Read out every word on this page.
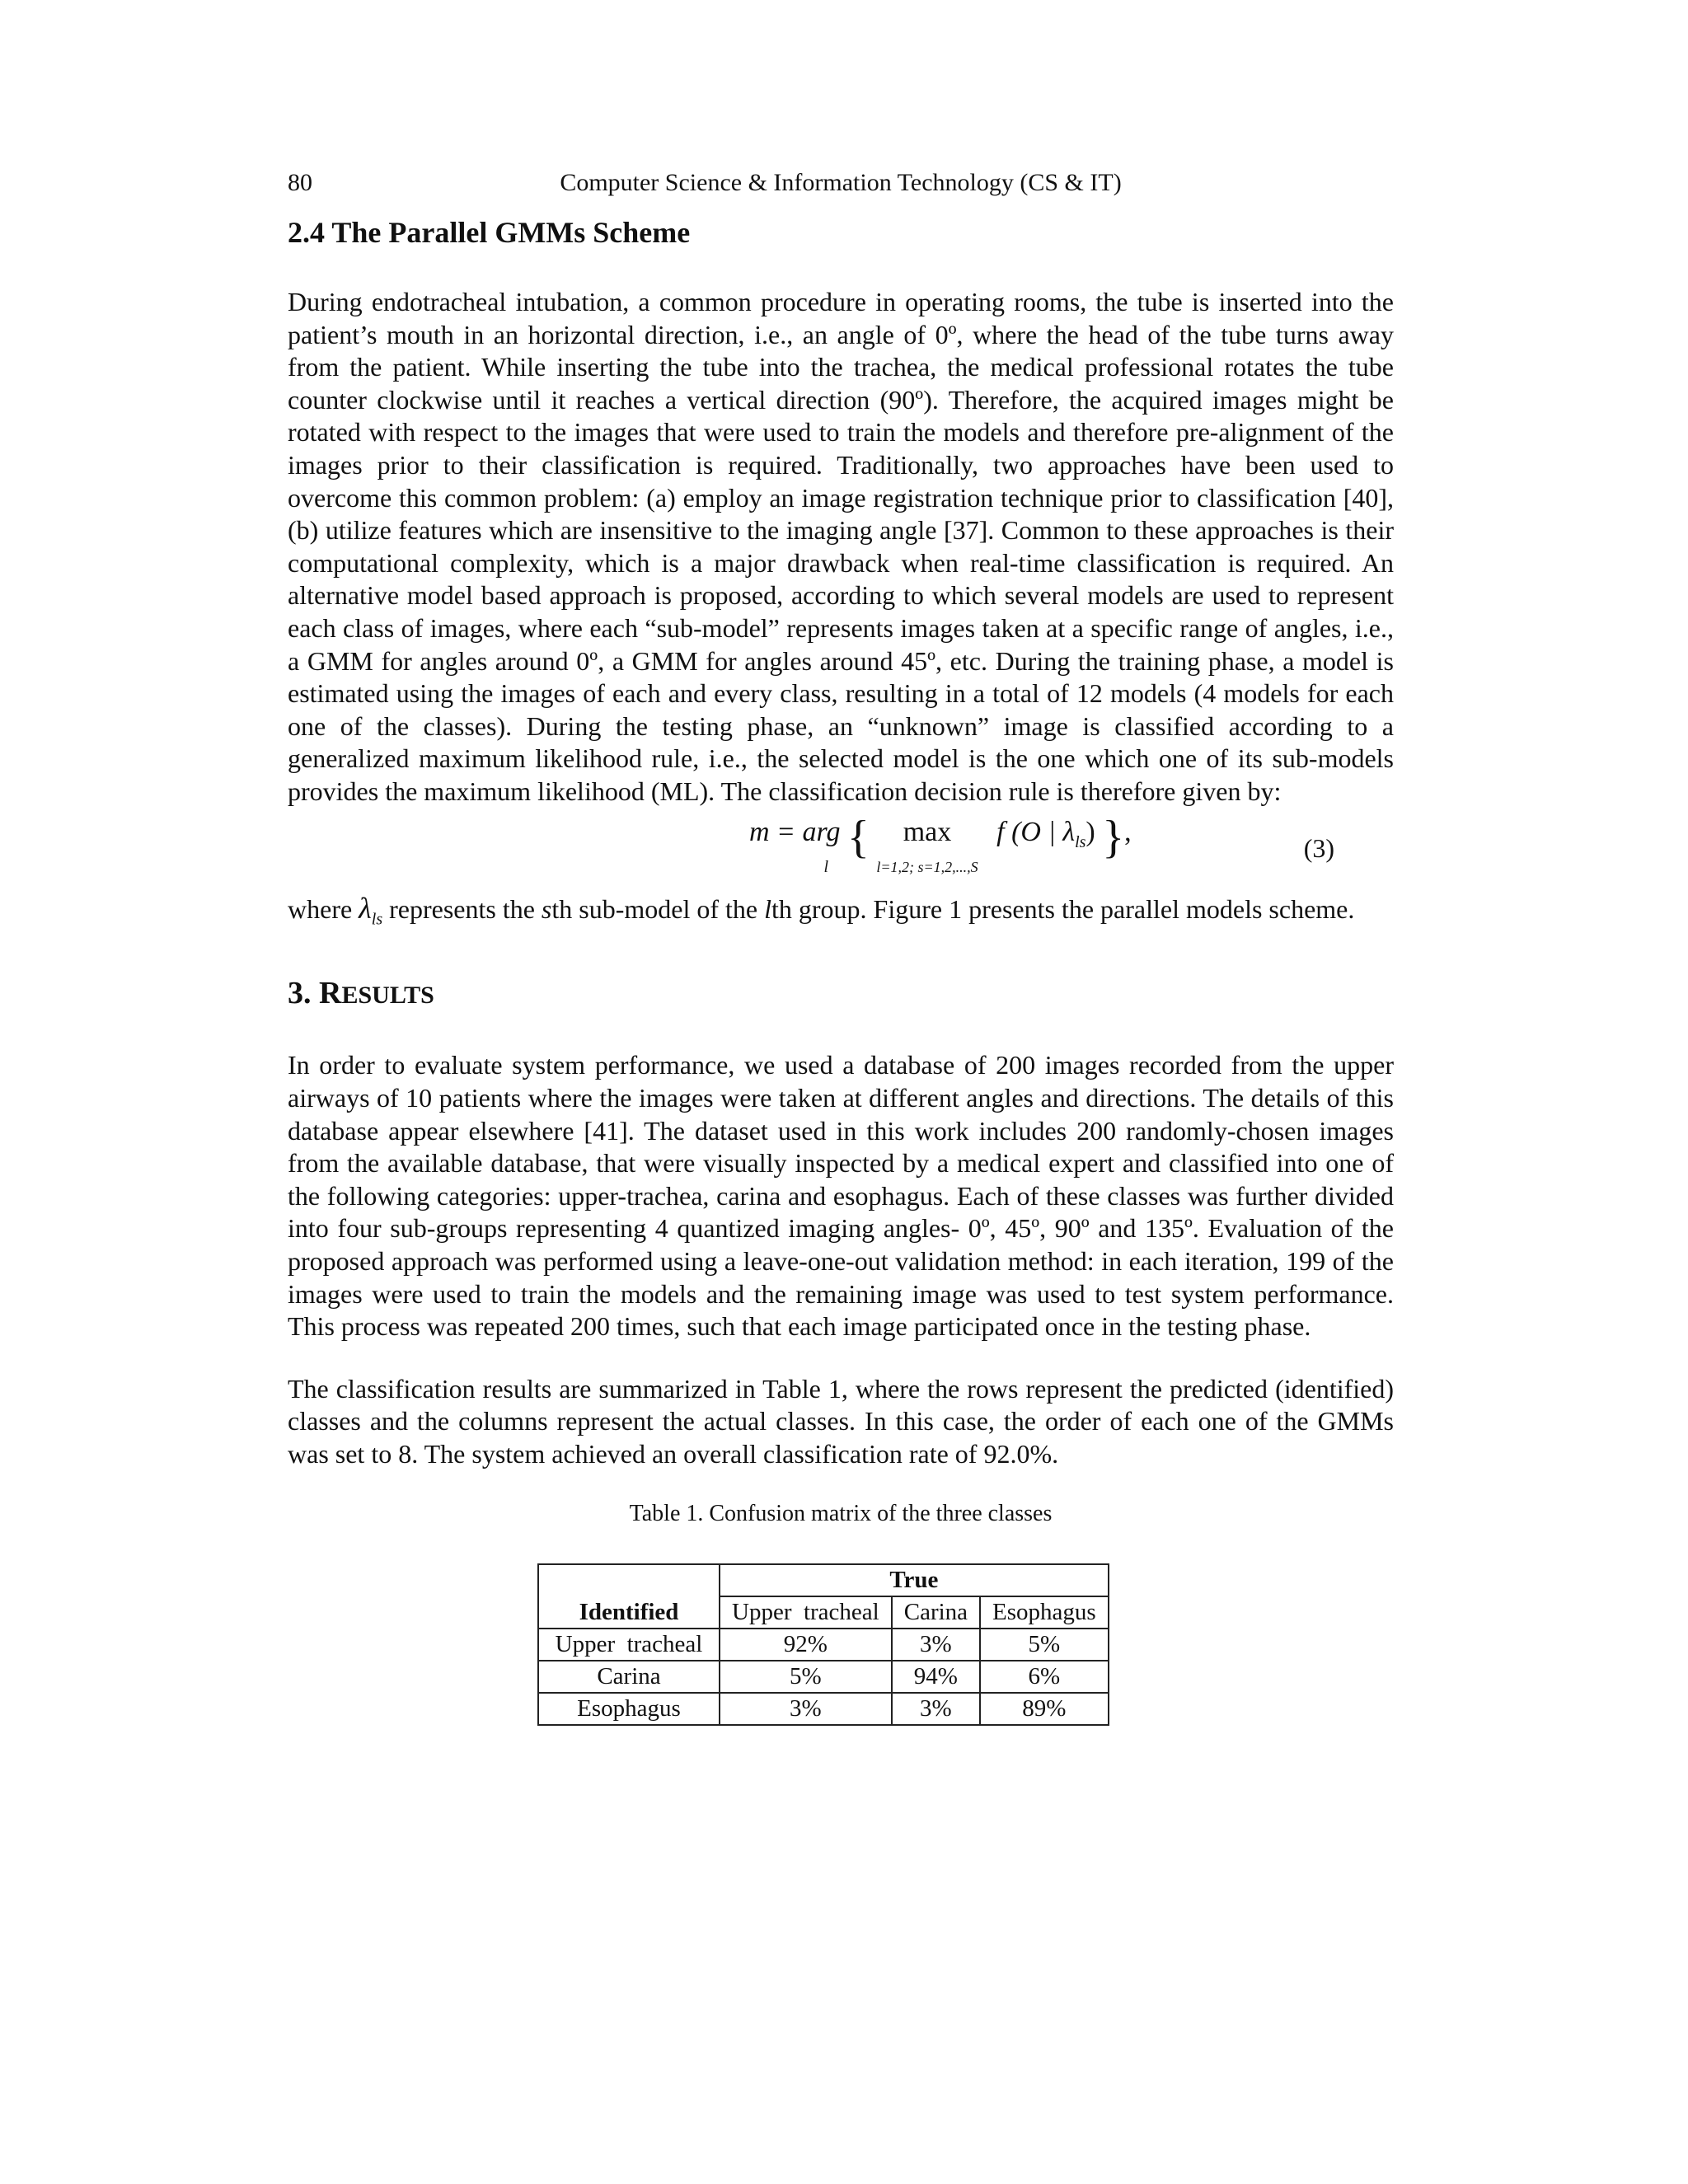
80	Computer Science & Information Technology (CS & IT)
2.4 The Parallel GMMs Scheme

During endotracheal intubation, a common procedure in operating rooms, the tube is inserted into the patient’s mouth in an horizontal direction, i.e., an angle of 0º, where the head of the tube turns away from the patient. While inserting the tube into the trachea, the medical professional rotates the tube counter clockwise until it reaches a vertical direction (90º). Therefore, the acquired images might be rotated with respect to the images that were used to train the models and therefore pre-alignment of the images prior to their classification is required. Traditionally, two approaches have been used to overcome this common problem: (a) employ an image registration technique prior to classification [40], (b) utilize features which are insensitive to the imaging angle [37]. Common to these approaches is their computational complexity, which is a major drawback when real-time classification is required. An alternative model based approach is proposed, according to which several models are used to represent each class of images, where each “sub-model” represents images taken at a specific range of angles, i.e., a GMM for angles around 0º, a GMM for angles around 45º, etc. During the training phase, a model is estimated using the images of each and every class, resulting in a total of 12 models (4 models for each one of the classes). During the testing phase, an “unknown” image is classified according to a generalized maximum likelihood rule, i.e., the selected model is the one which one of its sub-models provides the maximum likelihood (ML). The classification decision rule is therefore given by:

m = arg
l { max
l=1,2; s=1,2,...,S f (O | $\lambda_{ls}$) },
(3)

where $\lambda_{ls}$ represents the sth sub-model of the lth group. Figure 1 presents the parallel models scheme.

3. RESULTS

In order to evaluate system performance, we used a database of 200 images recorded from the upper airways of 10 patients where the images were taken at different angles and directions. The details of this database appear elsewhere [41]. The dataset used in this work includes 200 randomly-chosen images from the available database, that were visually inspected by a medical expert and classified into one of the following categories: upper-trachea, carina and esophagus. Each of these classes was further divided into four sub-groups representing 4 quantized imaging angles- 0º, 45º, 90º and 135º. Evaluation of the proposed approach was performed using a leave-one-out validation method: in each iteration, 199 of the images were used to train the models and the remaining image was used to test system performance. This process was repeated 200 times, such that each image participated once in the testing phase.

The classification results are summarized in Table 1, where the rows represent the predicted (identified) classes and the columns represent the actual classes. In this case, the order of each one of the GMMs was set to 8. The system achieved an overall classification rate of 92.0%.

Table 1. Confusion matrix of the three classes
	True		
Identified	Upper  tracheal	Carina	Esophagus
Upper  tracheal	92%	3%	5%
Carina	5%	94%	6%
Esophagus	3%	3%	89%
